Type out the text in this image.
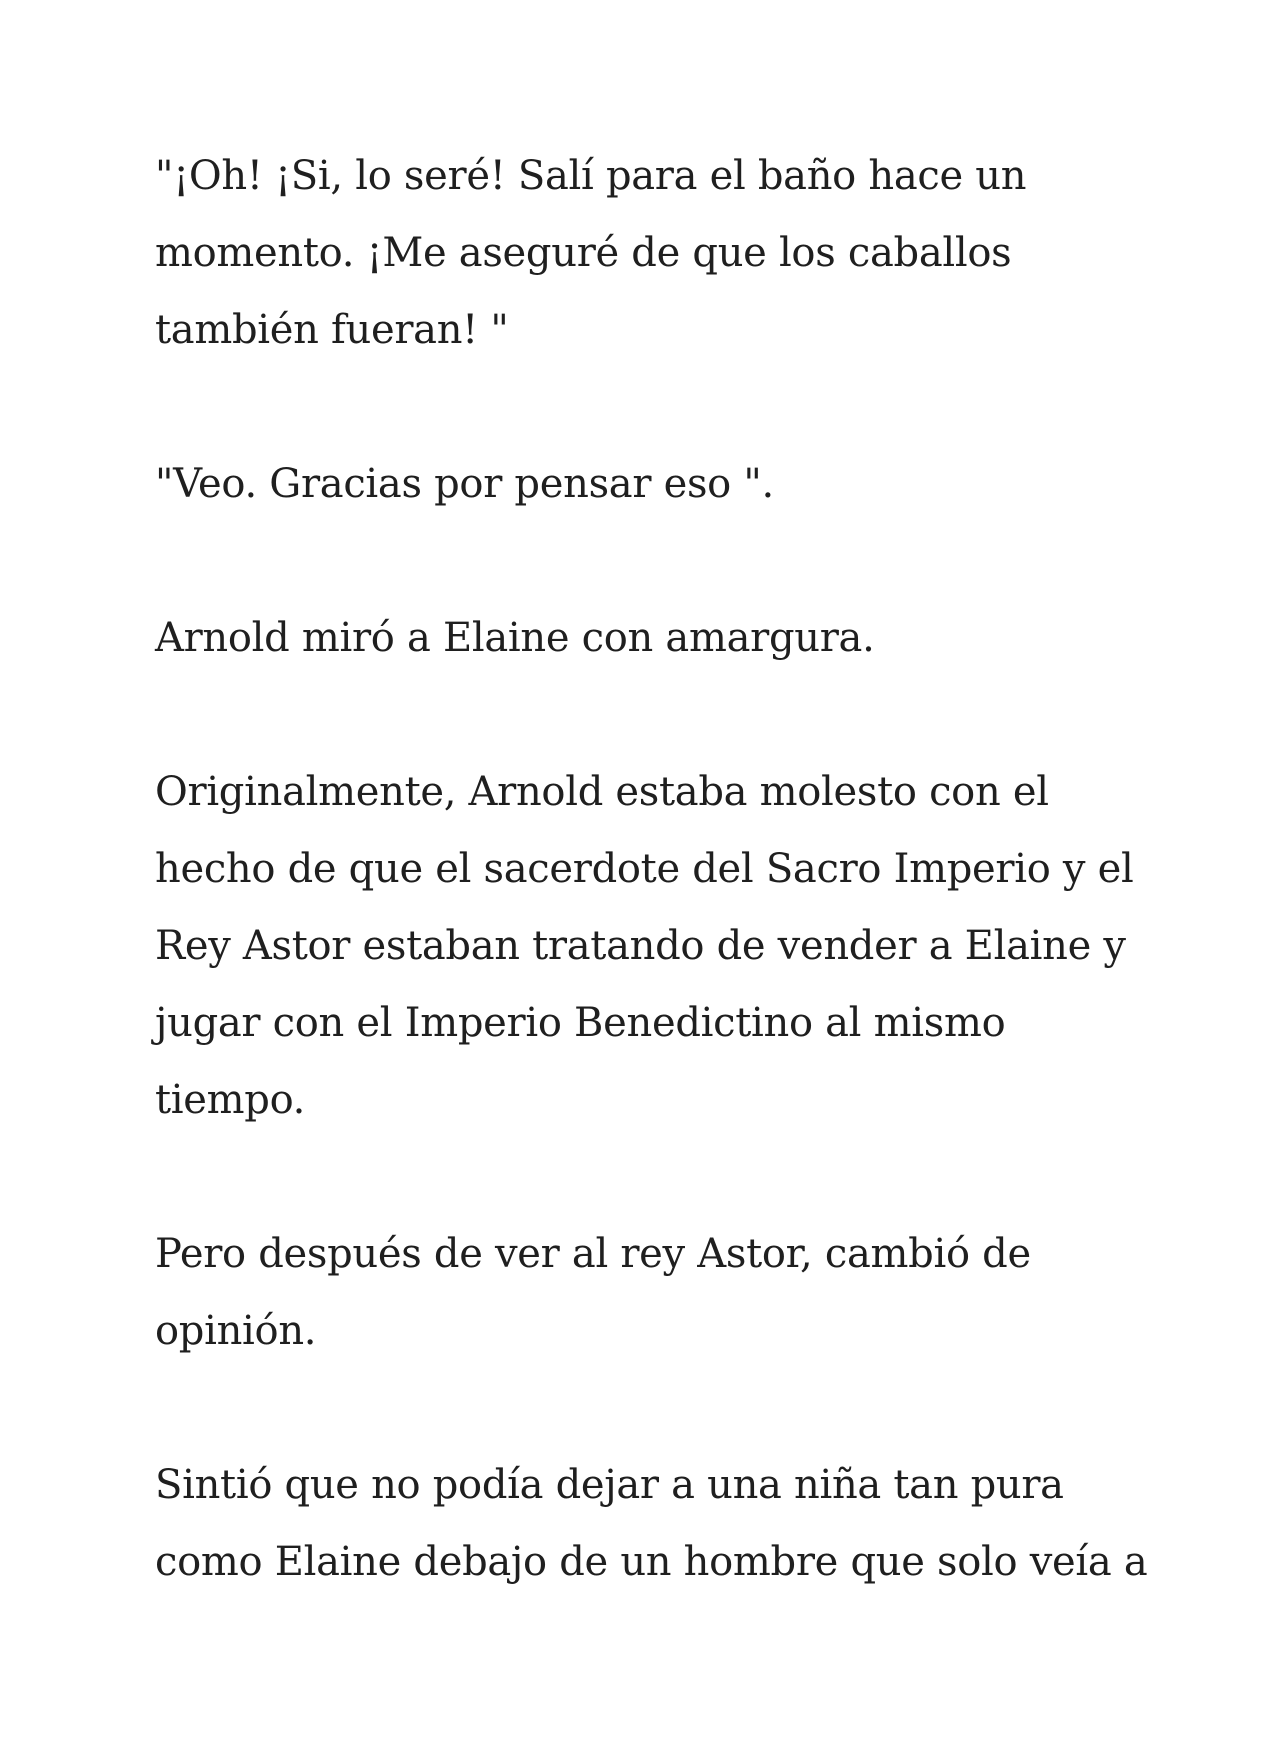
"¡Oh! ¡Si, lo seré! Salí para el baño hace un
momento. ¡Me aseguré de que los caballos
también fueran! "

"Veo. Gracias por pensar eso ".

Arnold miró a Elaine con amargura.

Originalmente, Arnold estaba molesto con el
hecho de que el sacerdote del Sacro Imperio y el
Rey Astor estaban tratando de vender a Elaine y
jugar con el Imperio Benedictino al mismo
tiempo.

Pero después de ver al rey Astor, cambió de
opinión.

Sintió que no podía dejar a una niña tan pura
como Elaine debajo de un hombre que solo veía a
